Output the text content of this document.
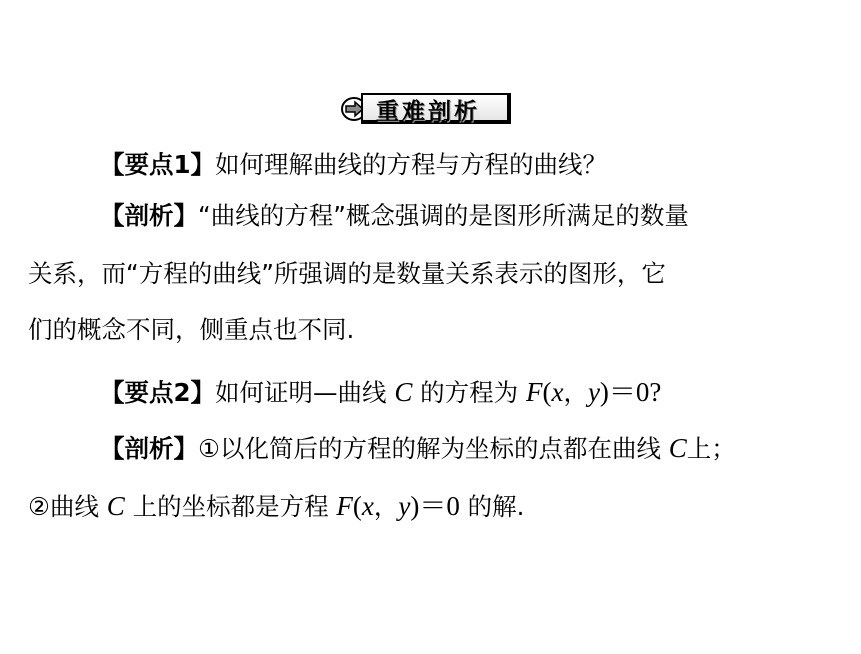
重难剖析
【要点1】如何理解曲线的方程与方程的曲线？
【剖析】“曲线的方程”概念强调的是图形所满足的数量
关系，而“方程的曲线”所强调的是数量关系表示的图形，它
们的概念不同，侧重点也不同.
【要点2】如何证明—曲线 C 的方程为 F(x，y)＝0?
【剖析】①以化简后的方程的解为坐标的点都在曲线 C上；
②曲线 C 上的坐标都是方程 F(x，y)＝0 的解.
